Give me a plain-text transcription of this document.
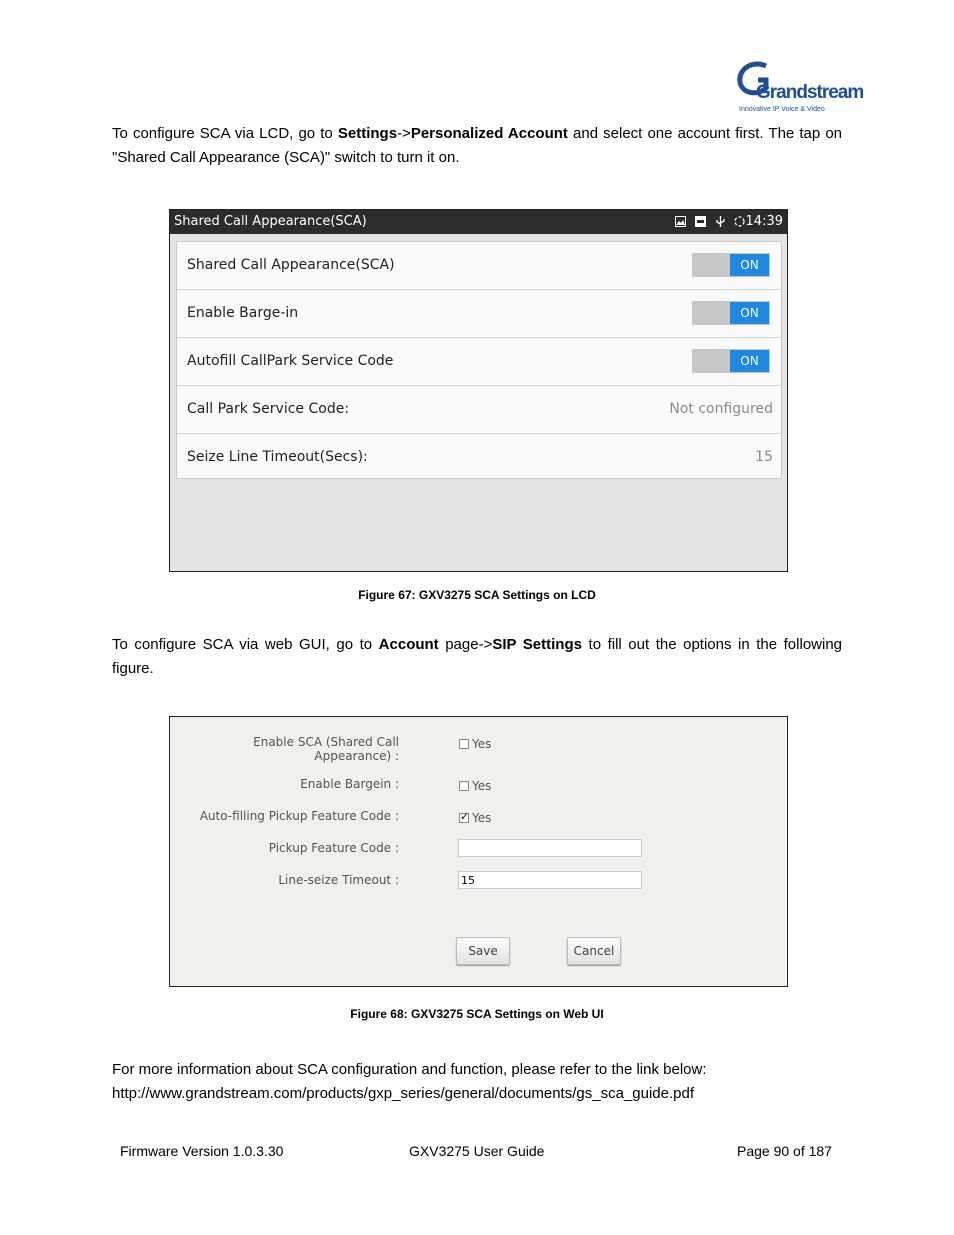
Grandstream
Innovative IP Voice & Video
To configure SCA via LCD, go to Settings->Personalized Account and select one account first. The tap on "Shared Call Appearance (SCA)" switch to turn it on.
Shared Call Appearance(SCA)	14:39
Shared Call Appearance(SCA)	ON
Enable Barge-in	ON
Autofill CallPark Service Code	ON
Call Park Service Code:	Not configured
Seize Line Timeout(Secs):	15
Figure 67: GXV3275 SCA Settings on LCD
To configure SCA via web GUI, go to Account page->SIP Settings to fill out the options in the following figure.
Enable SCA (Shared Call
Appearance) :
Yes
Enable Bargein :	Yes
Auto-filling Pickup Feature Code :
✓	Yes
Pickup Feature Code :
Line-seize Timeout :	15
Save	Cancel
Figure 68: GXV3275 SCA Settings on Web UI
For more information about SCA configuration and function, please refer to the link below:
http://www.grandstream.com/products/gxp_series/general/documents/gs_sca_guide.pdf
Firmware Version 1.0.3.30	GXV3275 User Guide	Page 90 of 187
